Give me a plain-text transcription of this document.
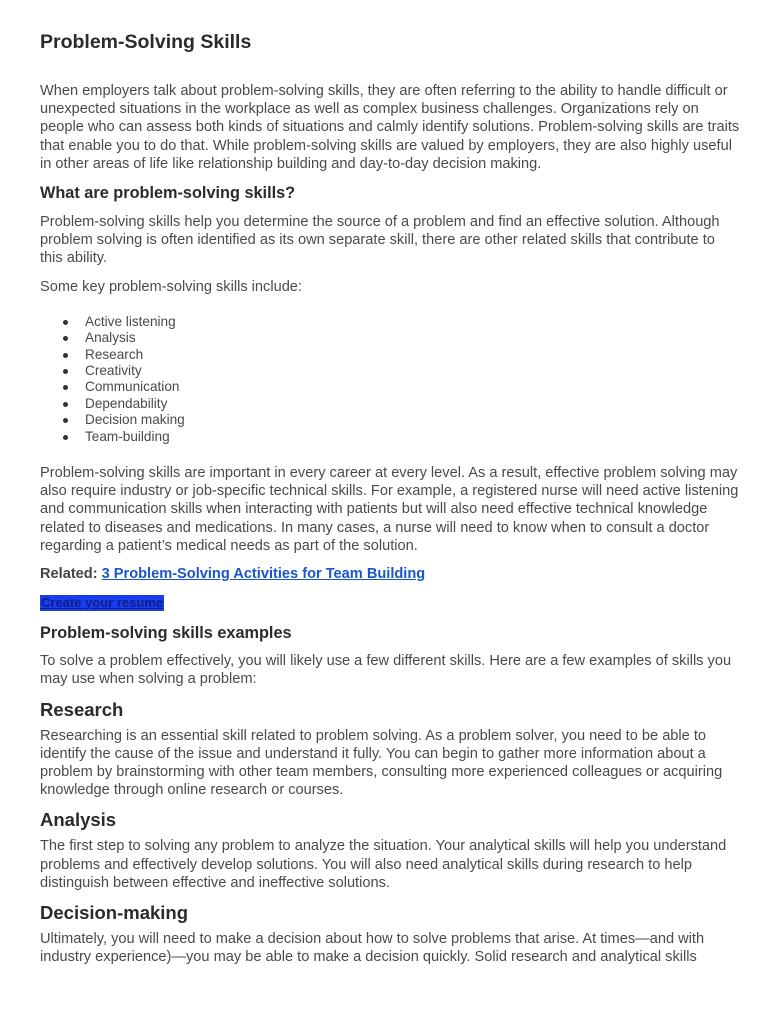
Problem-Solving Skills

When employers talk about problem-solving skills, they are often referring to the ability to handle difficult or unexpected situations in the workplace as well as complex business challenges. Organizations rely on people who can assess both kinds of situations and calmly identify solutions. Problem-solving skills are traits that enable you to do that. While problem-solving skills are valued by employers, they are also highly useful in other areas of life like relationship building and day-to-day decision making.

What are problem-solving skills?

Problem-solving skills help you determine the source of a problem and find an effective solution. Although problem solving is often identified as its own separate skill, there are other related skills that contribute to this ability.

Some key problem-solving skills include:

Active listening
Analysis
Research
Creativity
Communication
Dependability
Decision making
Team-building

Problem-solving skills are important in every career at every level. As a result, effective problem solving may also require industry or job-specific technical skills. For example, a registered nurse will need active listening and communication skills when interacting with patients but will also need effective technical knowledge related to diseases and medications. In many cases, a nurse will need to know when to consult a doctor regarding a patient’s medical needs as part of the solution.

Related: 3 Problem-Solving Activities for Team Building

Create your resume
Problem-solving skills examples

To solve a problem effectively, you will likely use a few different skills. Here are a few examples of skills you may use when solving a problem:

Research

Researching is an essential skill related to problem solving. As a problem solver, you need to be able to identify the cause of the issue and understand it fully. You can begin to gather more information about a problem by brainstorming with other team members, consulting more experienced colleagues or acquiring knowledge through online research or courses.

Analysis

The first step to solving any problem to analyze the situation. Your analytical skills will help you understand problems and effectively develop solutions. You will also need analytical skills during research to help distinguish between effective and ineffective solutions.

Decision-making

Ultimately, you will need to make a decision about how to solve problems that arise. At times—and with industry experience)—you may be able to make a decision quickly. Solid research and analytical skills
